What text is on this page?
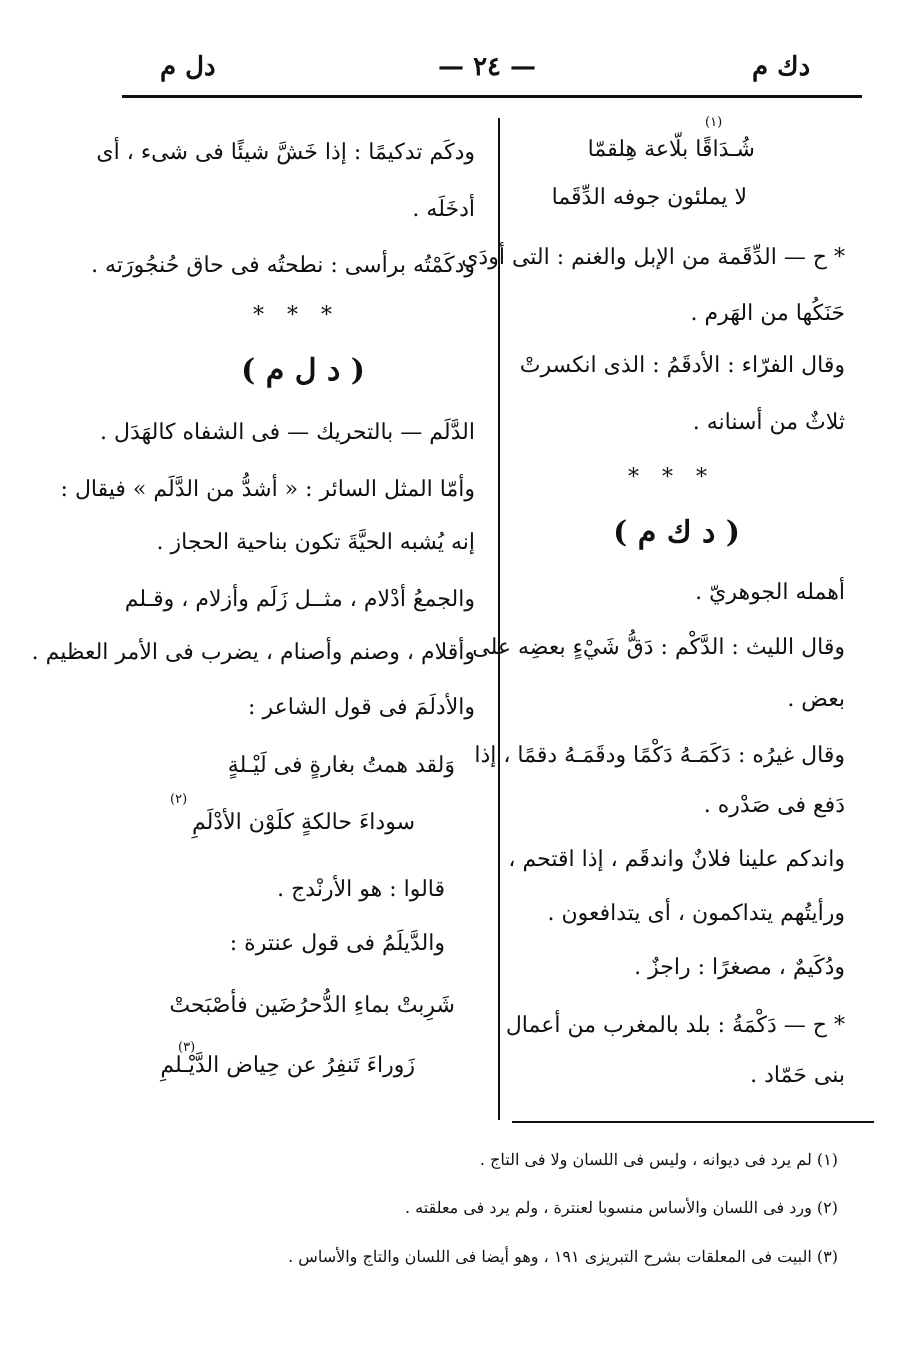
دل م	— ٢٤ —	دك م

شُـدَاقًا بلّاعة هِلقمّا

لا يملئون جوفه الدِّقَما

* ح — الدِّقَمة من الإبل والغنم : التى أودَى

حَنَكُها من الهَرم .

وقال الفرّاء : الأدقَمُ : الذى انكسرتْ

ثلاثٌ من أسنانه .

* * *

( د ك م )

أهمله الجوهريّ .

وقال الليث : الدَّكْم : دَقُّ شَيْءٍ بعضِه على

بعض .

وقال غيرُه : دَكَمَـهُ دَكْمًا ودقَمَـهُ دقمًا ، إذا

دَفع فى صَدْره .

واندكم علينا فلانٌ واندقَم ، إذا اقتحم ،

ورأيتُهم يتداكمون ، أى يتدافعون .

ودُكَيمٌ ، مصغرًا : راجزٌ .

* ح — دَكْمَةُ : بلد بالمغرب من أعمال

بنى حَمّاد .

ودكَم تدكيمًا : إذا خَشَّ شيئًا فى شىء ، أى

أدخَلَه .

ودكَمْتُه برأسى : نطحتُه فى حاق حُنجُورَته .

* * *

( د ل م )

الدَّلَم — بالتحريك — فى الشفاه كالهَدَل .

وأمّا المثل السائر : « أشدُّ من الدَّلَم » فيقال :

إنه يُشبه الحيَّةَ تكون بناحية الحجاز .

والجمعُ أدْلام ، مثــل زَلَم وأزلام ، وقـلم

وأقلام ، وصنم وأصنام ، يضرب فى الأمر العظيم .

والأدلَمَ فى قول الشاعر :

وَلقد همتُ بغارةٍ فى لَيْـلةٍ

سوداءَ حالكةٍ كلَوْن الأدْلَمِ

قالوا : هو الأرنْدج .

والدَّيلَمُ فى قول عنترة :

شَرِبتْ بماءِ الدُّحرُضَين فأصْبَحتْ

زَوراءَ تَنفِرُ عن حِياض الدَّيْـلمِ

(١)
(٢)
(٣)
(١) لم يرد فى ديوانه ، وليس فى اللسان ولا فى التاج .
(٢) ورد فى اللسان والأساس منسوبا لعنترة ، ولم يرد فى معلقته .
(٣) البيت فى المعلقات بشرح التبريزى ١٩١ ، وهو أيضا فى اللسان والتاج والأساس .
